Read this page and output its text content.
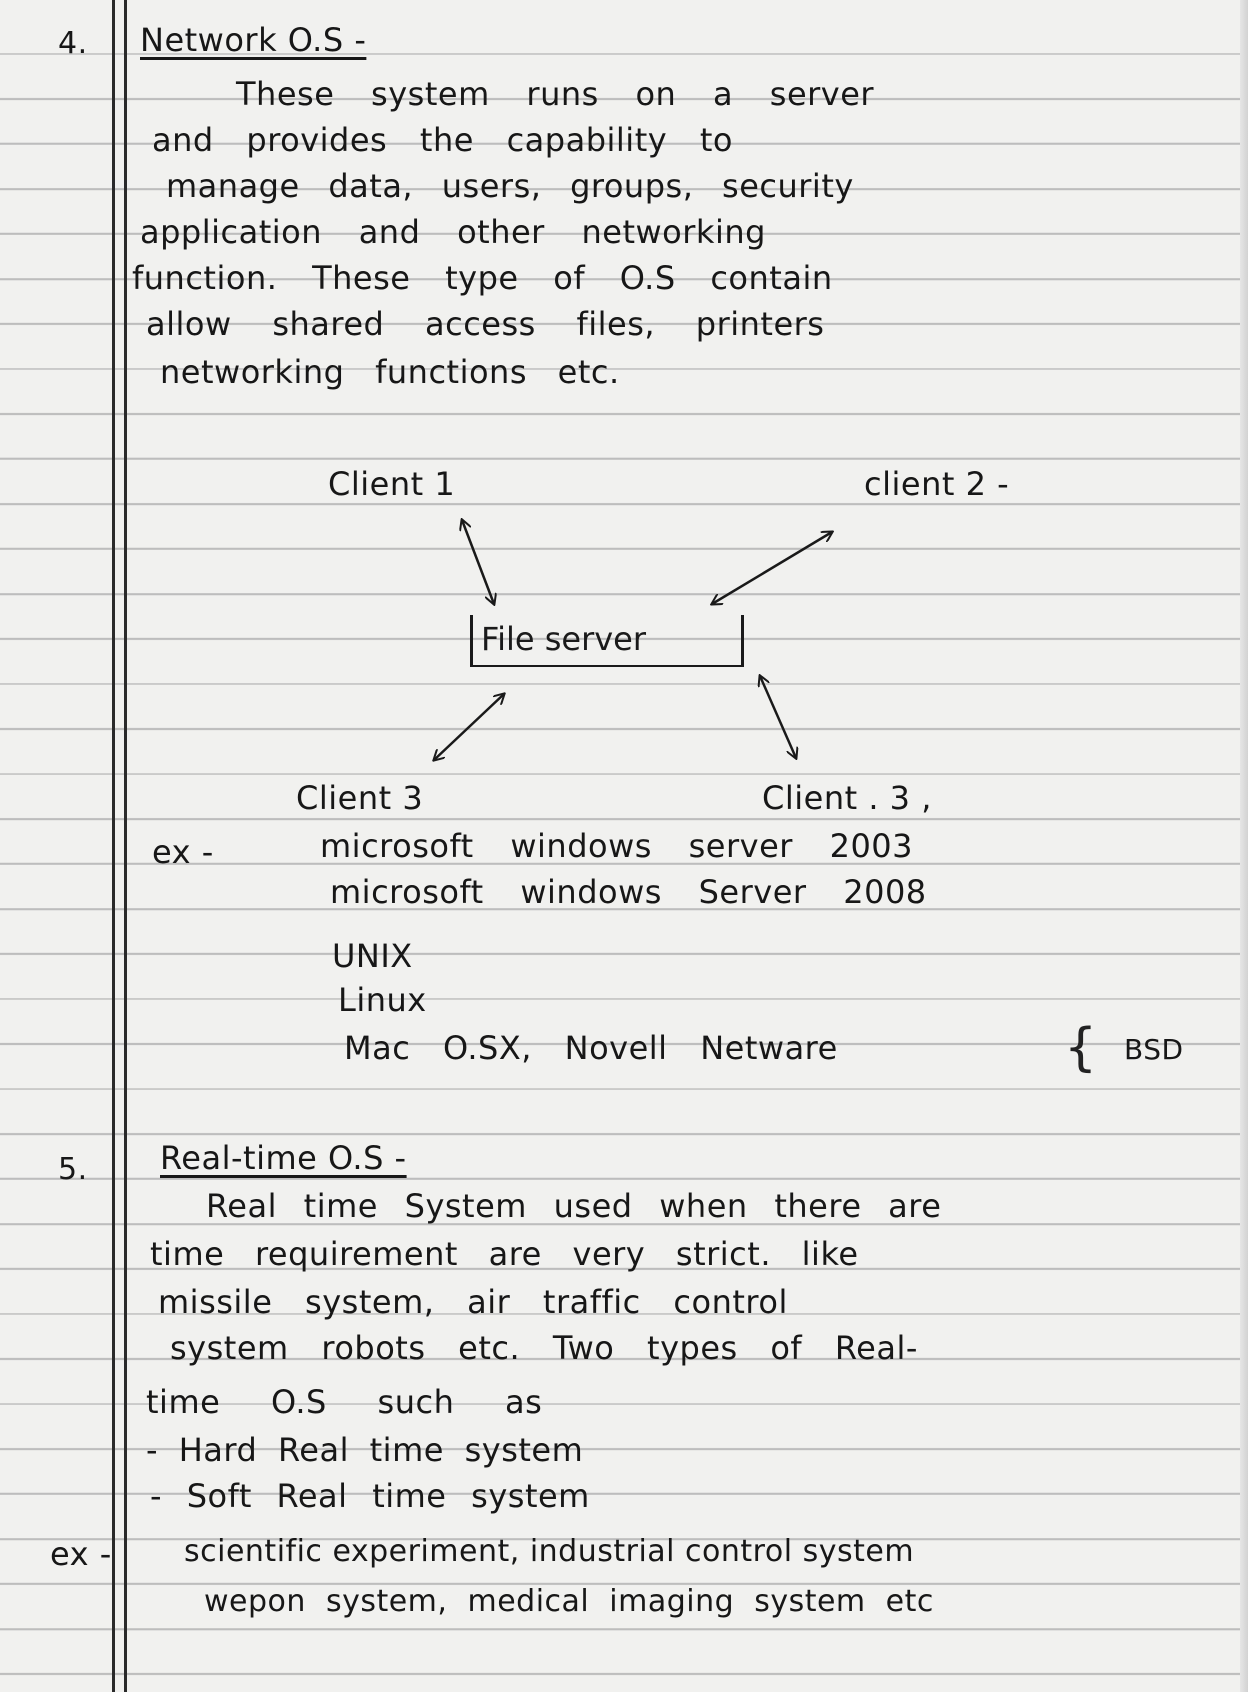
4. Network O.S -
These system runs on a server
and provides the capability to
manage data, users, groups, security
application and other networking
function. These type of O.S contain
allow shared access files, printers
networking functions etc.
Client 1	client 2 -
File server
Client 3	Client . 3 ,
ex -	microsoft windows server 2003
microsoft windows Server 2008
UNIX
Linux
Mac O.SX, Novell Netware	{ BSD
5. Real-time O.S -
Real time System used when there are
time requirement are very strict. like
missile system, air traffic control
system robots etc. Two types of Real-
time O.S such as
- Hard Real time system
- Soft Real time system
ex - scientific experiment, industrial control system
wepon system, medical imaging system etc
